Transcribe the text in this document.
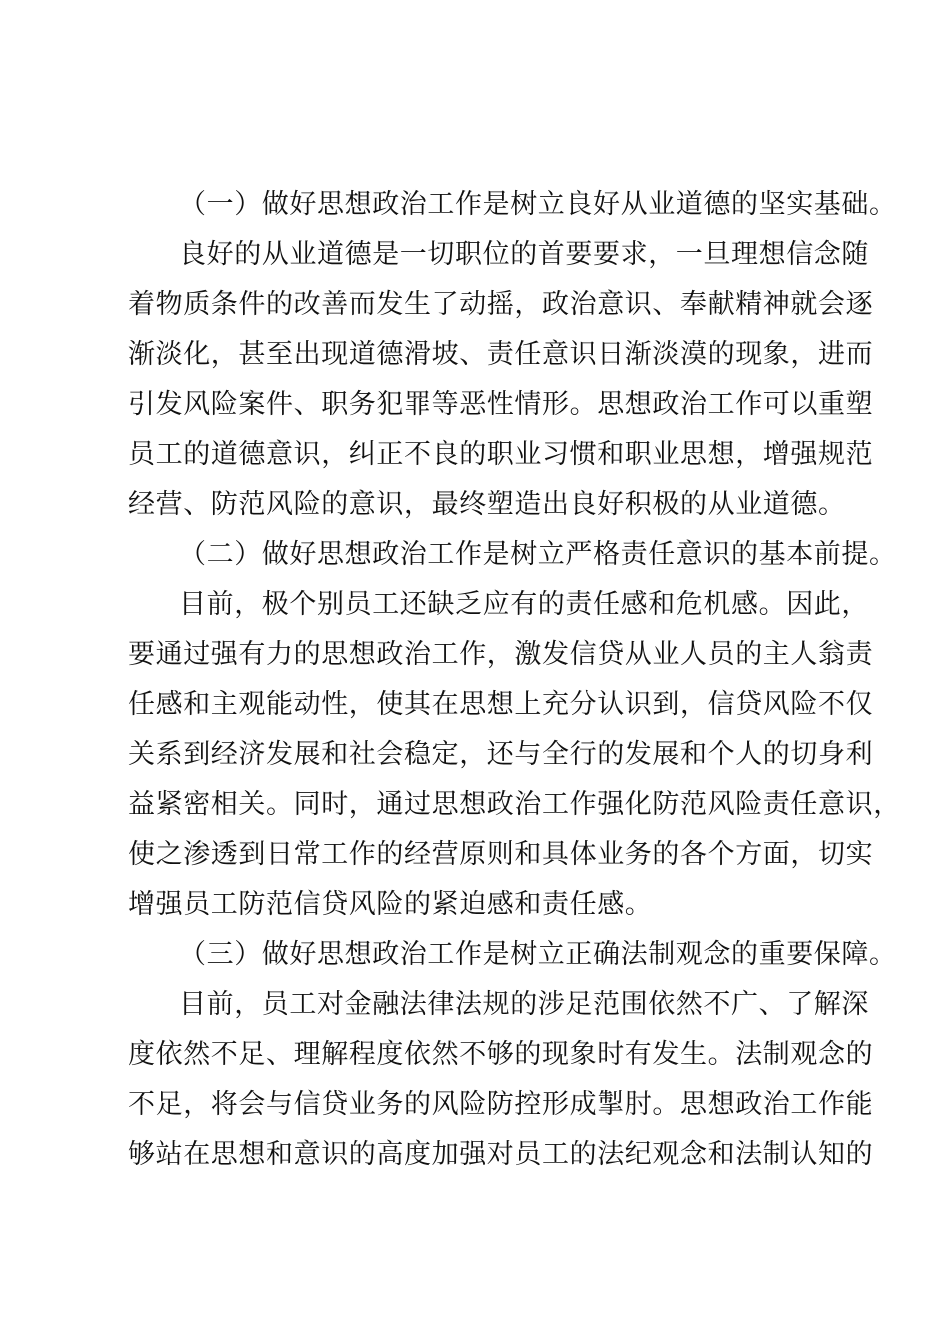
（一）做好思想政治工作是树立良好从业道德的坚实基础。
良好的从业道德是一切职位的首要要求，一旦理想信念随
着物质条件的改善而发生了动摇，政治意识、奉献精神就会逐
渐淡化，甚至出现道德滑坡、责任意识日渐淡漠的现象，进而
引发风险案件、职务犯罪等恶性情形。思想政治工作可以重塑
员工的道德意识，纠正不良的职业习惯和职业思想，增强规范
经营、防范风险的意识，最终塑造出良好积极的从业道德。
（二）做好思想政治工作是树立严格责任意识的基本前提。
目前，极个别员工还缺乏应有的责任感和危机感。因此，
要通过强有力的思想政治工作，激发信贷从业人员的主人翁责
任感和主观能动性，使其在思想上充分认识到，信贷风险不仅
关系到经济发展和社会稳定，还与全行的发展和个人的切身利
益紧密相关。同时，通过思想政治工作强化防范风险责任意识，
使之渗透到日常工作的经营原则和具体业务的各个方面，切实
增强员工防范信贷风险的紧迫感和责任感。
（三）做好思想政治工作是树立正确法制观念的重要保障。
目前，员工对金融法律法规的涉足范围依然不广、了解深
度依然不足、理解程度依然不够的现象时有发生。法制观念的
不足，将会与信贷业务的风险防控形成掣肘。思想政治工作能
够站在思想和意识的高度加强对员工的法纪观念和法制认知的
